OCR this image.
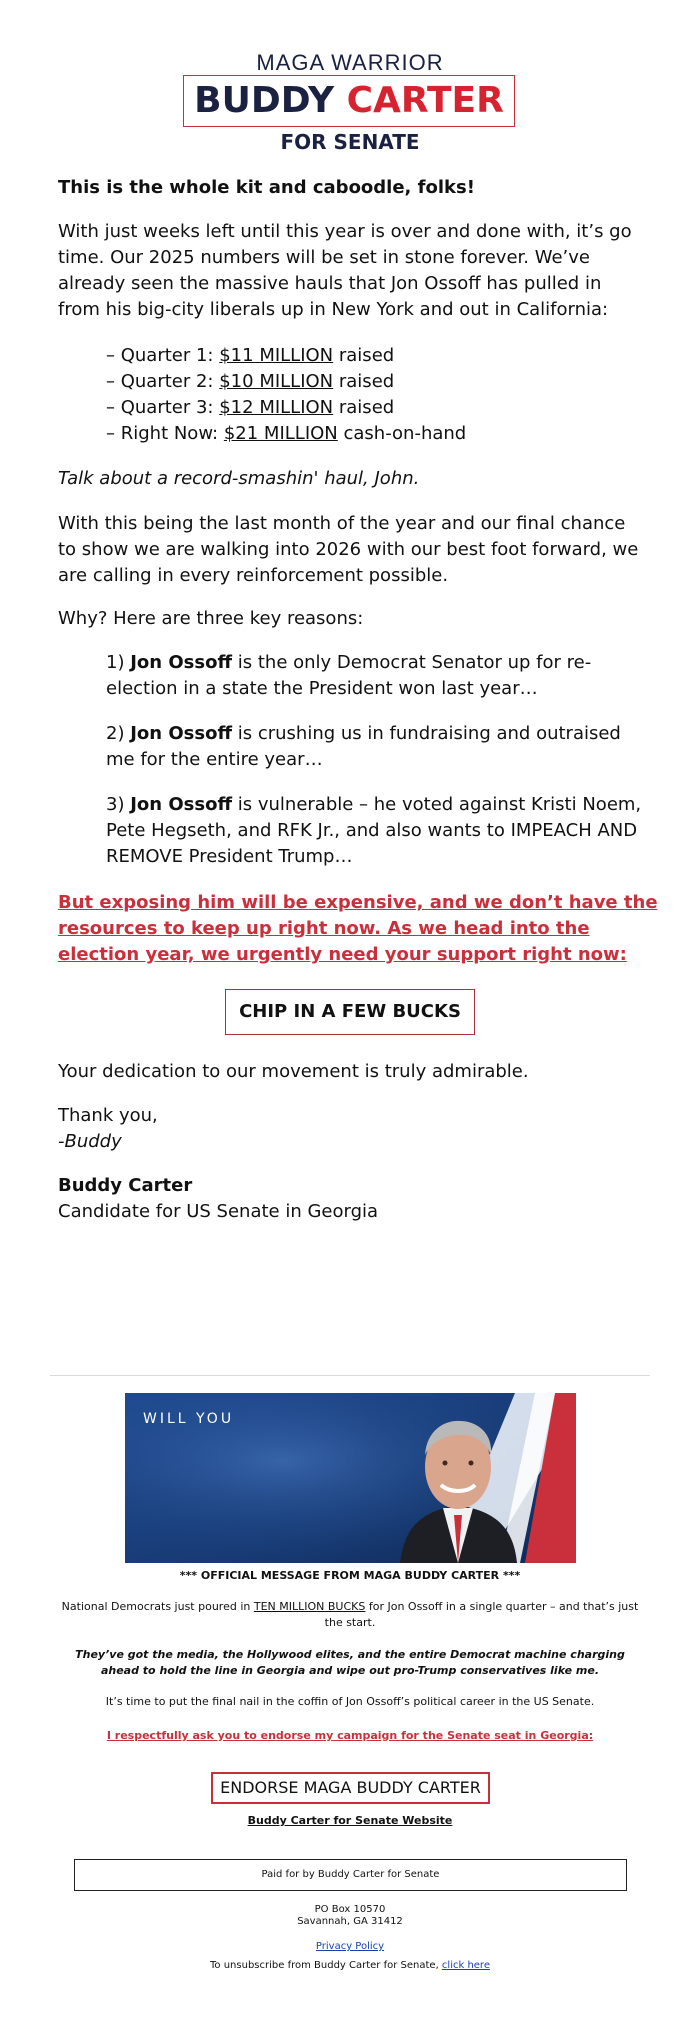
MAGA WARRIOR
BUDDY CARTER
FOR SENATE

This is the whole kit and caboodle, folks!

With just weeks left until this year is over and done with, it’s go time. Our 2025 numbers will be set in stone forever. We’ve already seen the massive hauls that Jon Ossoff has pulled in from his big-city liberals up in New York and out in California:

– Quarter 1: $11 MILLION raised
– Quarter 2: $10 MILLION raised
– Quarter 3: $12 MILLION raised
– Right Now: $21 MILLION cash-on-hand

Talk about a record-smashin' haul, John.

With this being the last month of the year and our final chance to show we are walking into 2026 with our best foot forward, we are calling in every reinforcement possible.

Why? Here are three key reasons:

1) Jon Ossoff is the only Democrat Senator up for re-election in a state the President won last year…

2) Jon Ossoff is crushing us in fundraising and outraised me for the entire year…

3) Jon Ossoff is vulnerable – he voted against Kristi Noem, Pete Hegseth, and RFK Jr., and also wants to IMPEACH AND REMOVE President Trump…

But exposing him will be expensive, and we don’t have the resources to keep up right now. As we head into the election year, we urgently need your support right now:
CHIP IN A FEW BUCKS

Your dedication to our movement is truly admirable.

Thank you,

-Buddy

Buddy Carter

Candidate for US Senate in Georgia

WILL YOU
*** OFFICIAL MESSAGE FROM MAGA BUDDY CARTER ***
National Democrats just poured in TEN MILLION BUCKS for Jon Ossoff in a single quarter – and that’s just the start.
They’ve got the media, the Hollywood elites, and the entire Democrat machine charging ahead to hold the line in Georgia and wipe out pro-Trump conservatives like me.
It’s time to put the final nail in the coffin of Jon Ossoff’s political career in the US Senate.
I respectfully ask you to endorse my campaign for the Senate seat in Georgia:
ENDORSE MAGA BUDDY CARTER
Buddy Carter for Senate Website
Paid for by Buddy Carter for Senate
PO Box 10570
Savannah, GA 31412
Privacy Policy
To unsubscribe from Buddy Carter for Senate, click here
